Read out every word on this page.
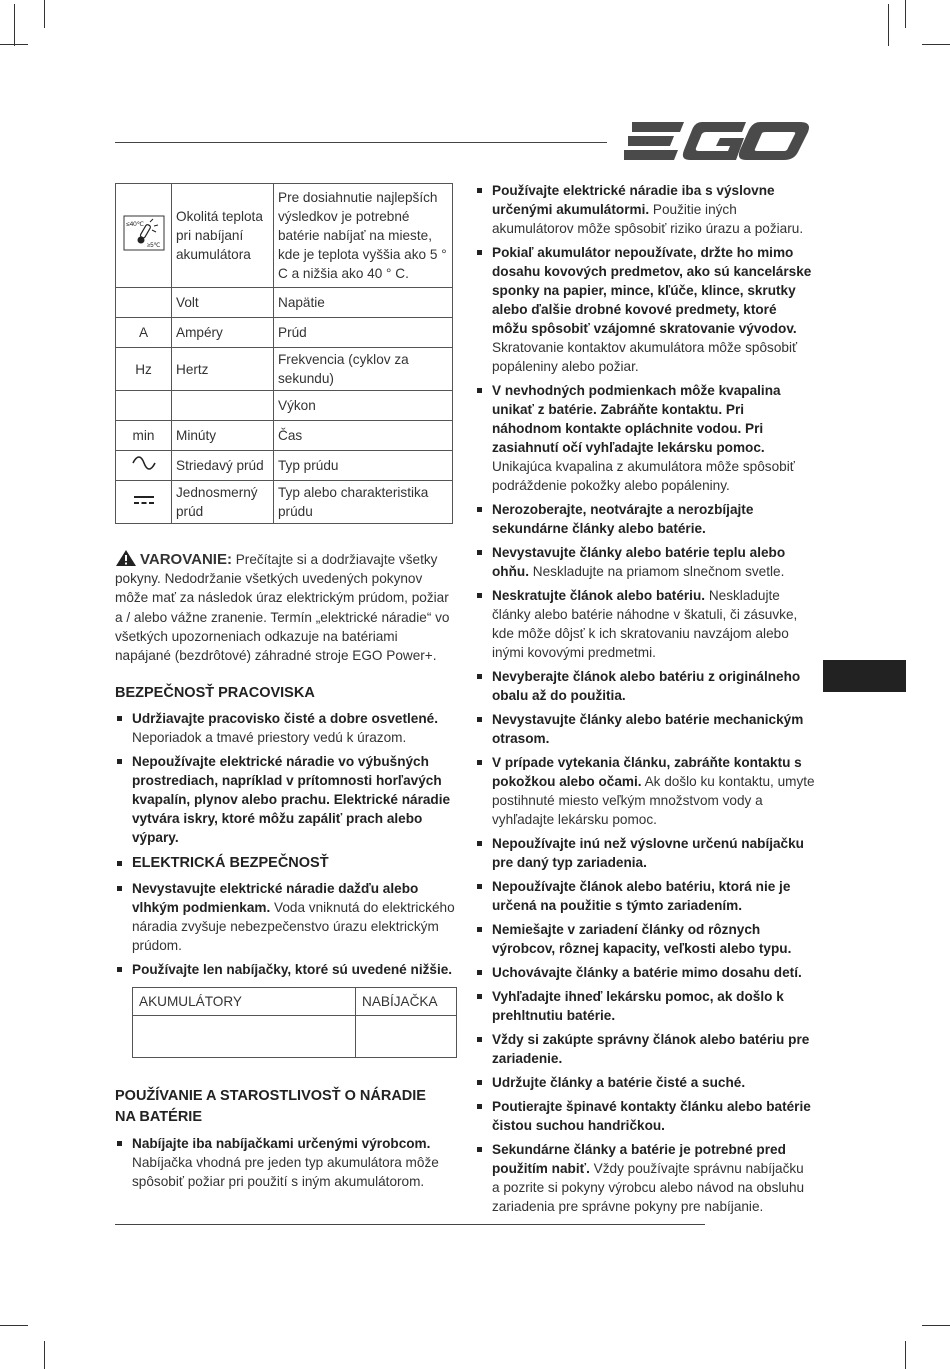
≤40℃
≥5℃	Okolitá teplota pri nabíjaní akumulátora	Pre dosiahnutie najlepších výsledkov je potrebné batérie nabíjať na mieste, kde je teplota vyššia ako 5 ° C a nižšia ako 40 ° C.
	Volt	Napätie
A	Ampéry	Prúd
Hz	Hertz	Frekvencia (cyklov za sekundu)
		Výkon
min	Minúty	Čas
	Striedavý prúd	Typ prúdu
	Jednosmerný prúd	Typ alebo charakteristika prúdu
VAROVANIE: Prečítajte si a dodržiavajte všetky pokyny. Nedodržanie všetkých uvedených pokynov môže mať za následok úraz elektrickým prúdom, požiar a / alebo vážne zranenie. Termín „elektrické náradie“ vo všetkých upozorneniach odkazuje na batériami napájané (bezdrôtové) záhradné stroje EGO Power+.
BEZPEČNOSŤ PRACOVISKA
Udržiavajte pracovisko čisté a dobre osvetlené. Neporiadok a tmavé priestory vedú k úrazom.
Nepoužívajte elektrické náradie vo výbušných prostrediach, napríklad v prítomnosti horľavých kvapalín, plynov alebo prachu. Elektrické náradie vytvára iskry, ktoré môžu zapáliť prach alebo výpary.
ELEKTRICKÁ BEZPEČNOSŤ
Nevystavujte elektrické náradie dažďu alebo vlhkým podmienkam. Voda vniknutá do elektrického náradia zvyšuje nebezpečenstvo úrazu elektrickým prúdom.
Používajte len nabíjačky, ktoré sú uvedené nižšie.
AKUMULÁTORY	NABÍJAČKA

POUŽÍVANIE A STAROSTLIVOSŤ O NÁRADIE NA BATÉRIE
Nabíjajte iba nabíjačkami určenými výrobcom. Nabíjačka vhodná pre jeden typ akumulátora môže spôsobiť požiar pri použití s iným akumulátorom.
Používajte elektrické náradie iba s výslovne určenými akumulátormi. Použitie iných akumulátorov môže spôsobiť riziko úrazu a požiaru.
Pokiaľ akumulátor nepoužívate, držte ho mimo dosahu kovových predmetov, ako sú kancelárske sponky na papier, mince, kľúče, klince, skrutky alebo ďalšie drobné kovové predmety, ktoré môžu spôsobiť vzájomné skratovanie vývodov. Skratovanie kontaktov akumulátora môže spôsobiť popáleniny alebo požiar.
V nevhodných podmienkach môže kvapalina unikať z batérie. Zabráňte kontaktu. Pri náhodnom kontakte opláchnite vodou. Pri zasiahnutí očí vyhľadajte lekársku pomoc. Unikajúca kvapalina z akumulátora môže spôsobiť podráždenie pokožky alebo popáleniny.
Nerozoberajte, neotvárajte a nerozbíjajte sekundárne články alebo batérie.
Nevystavujte články alebo batérie teplu alebo ohňu. Neskladujte na priamom slnečnom svetle.
Neskratujte článok alebo batériu. Neskladujte články alebo batérie náhodne v škatuli, či zásuvke, kde môže dôjsť k ich skratovaniu navzájom alebo inými kovovými predmetmi.
Nevyberajte článok alebo batériu z originálneho obalu až do použitia.
Nevystavujte články alebo batérie mechanickým otrasom.
V prípade vytekania článku, zabráňte kontaktu s pokožkou alebo očami. Ak došlo ku kontaktu, umyte postihnuté miesto veľkým množstvom vody a vyhľadajte lekársku pomoc.
Nepoužívajte inú než výslovne určenú nabíjačku pre daný typ zariadenia.
Nepoužívajte článok alebo batériu, ktorá nie je určená na použitie s týmto zariadením.
Nemiešajte v zariadení články od rôznych výrobcov, rôznej kapacity, veľkosti alebo typu.
Uchovávajte články a batérie mimo dosahu detí.
Vyhľadajte ihneď lekársku pomoc, ak došlo k prehltnutiu batérie.
Vždy si zakúpte správny článok alebo batériu pre zariadenie.
Udržujte články a batérie čisté a suché.
Poutierajte špinavé kontakty článku alebo batérie čistou suchou handričkou.
Sekundárne články a batérie je potrebné pred použitím nabiť. Vždy používajte správnu nabíjačku a pozrite si pokyny výrobcu alebo návod na obsluhu zariadenia pre správne pokyny pre nabíjanie.
